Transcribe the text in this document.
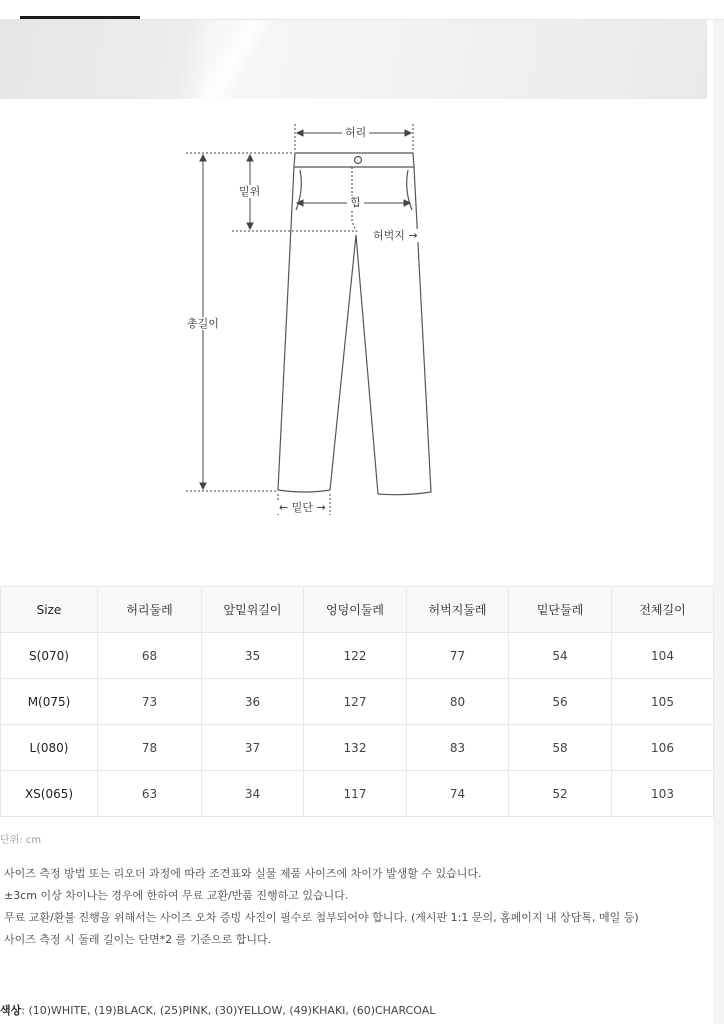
허리
밑위
힙
허벅지 →
총길이
← 밑단 →
Size	허리둘레	앞밑위길이	엉덩이둘레	허벅지둘레	밑단둘레	전체길이
S(070)	68	35	122	77	54	104
M(075)	73	36	127	80	56	105
L(080)	78	37	132	83	58	106
XS(065)	63	34	117	74	52	103
단위: cm
사이즈 측정 방법 또는 리오더 과정에 따라 조견표와 실물 제품 사이즈에 차이가 발생할 수 있습니다.
±3cm 이상 차이나는 경우에 한하여 무료 교환/반품 진행하고 있습니다.
무료 교환/환불 진행을 위해서는 사이즈 오차 증빙 사진이 필수로 첨부되어야 합니다. (게시판 1:1 문의, 홈페이지 내 상담톡, 메일 등)
사이즈 측정 시 둘레 길이는 단면*2 를 기준으로 합니다.
색상: (10)WHITE, (19)BLACK, (25)PINK, (30)YELLOW, (49)KHAKI, (60)CHARCOAL
